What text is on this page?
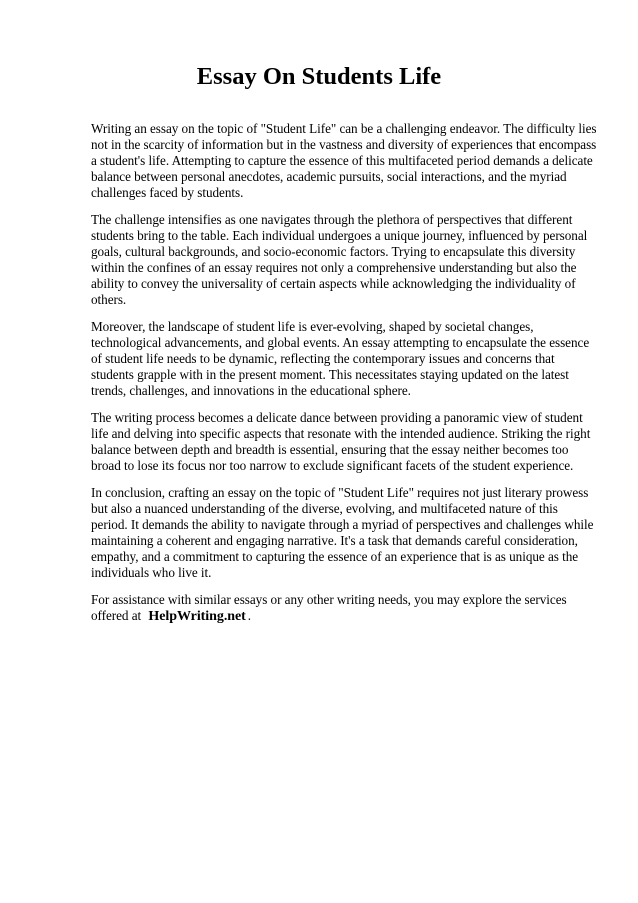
Essay On Students Life

Writing an essay on the topic of "Student Life" can be a challenging endeavor. The difficulty lies not in the scarcity of information but in the vastness and diversity of experiences that encompass a student's life. Attempting to capture the essence of this multifaceted period demands a delicate balance between personal anecdotes, academic pursuits, social interactions, and the myriad challenges faced by students.

The challenge intensifies as one navigates through the plethora of perspectives that different students bring to the table. Each individual undergoes a unique journey, influenced by personal goals, cultural backgrounds, and socio-economic factors. Trying to encapsulate this diversity within the confines of an essay requires not only a comprehensive understanding but also the ability to convey the universality of certain aspects while acknowledging the individuality of others.

Moreover, the landscape of student life is ever-evolving, shaped by societal changes, technological advancements, and global events. An essay attempting to encapsulate the essence of student life needs to be dynamic, reflecting the contemporary issues and concerns that students grapple with in the present moment. This necessitates staying updated on the latest trends, challenges, and innovations in the educational sphere.

The writing process becomes a delicate dance between providing a panoramic view of student life and delving into specific aspects that resonate with the intended audience. Striking the right balance between depth and breadth is essential, ensuring that the essay neither becomes too broad to lose its focus nor too narrow to exclude significant facets of the student experience.

In conclusion, crafting an essay on the topic of "Student Life" requires not just literary prowess but also a nuanced understanding of the diverse, evolving, and multifaceted nature of this period. It demands the ability to navigate through a myriad of perspectives and challenges while maintaining a coherent and engaging narrative. It's a task that demands careful consideration, empathy, and a commitment to capturing the essence of an experience that is as unique as the individuals who live it.

For assistance with similar essays or any other writing needs, you may explore the services offered at HelpWriting.net .
